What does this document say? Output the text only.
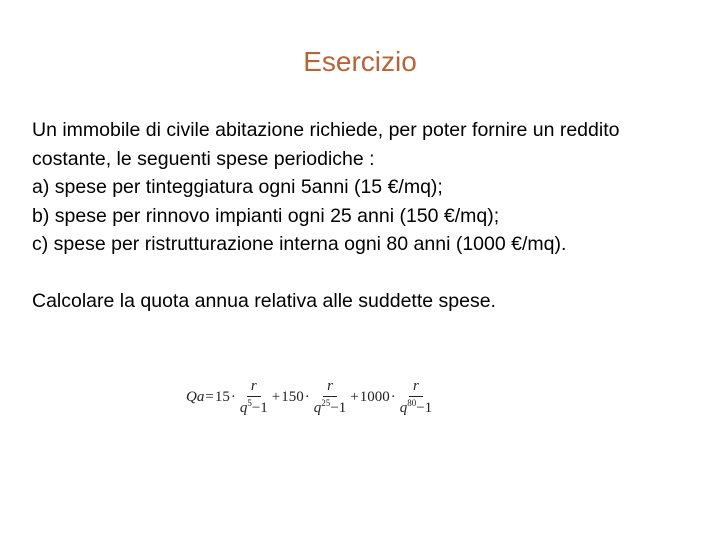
Esercizio
Un immobile di civile abitazione richiede, per poter fornire un reddito costante, le seguenti spese periodiche :
a) spese per tinteggiatura ogni 5anni (15 €/mq);
b) spese per rinnovo impianti ogni 25 anni (150 €/mq);
c) spese per ristrutturazione interna ogni 80 anni (1000 €/mq).
Calcolare la quota annua relativa alle suddette spese.
$Qa = 15 \cdot \frac{r}{q^5-1} + 150 \cdot \frac{r}{q^{25}-1} + 1000 \cdot \frac{r}{q^{80}-1}$
